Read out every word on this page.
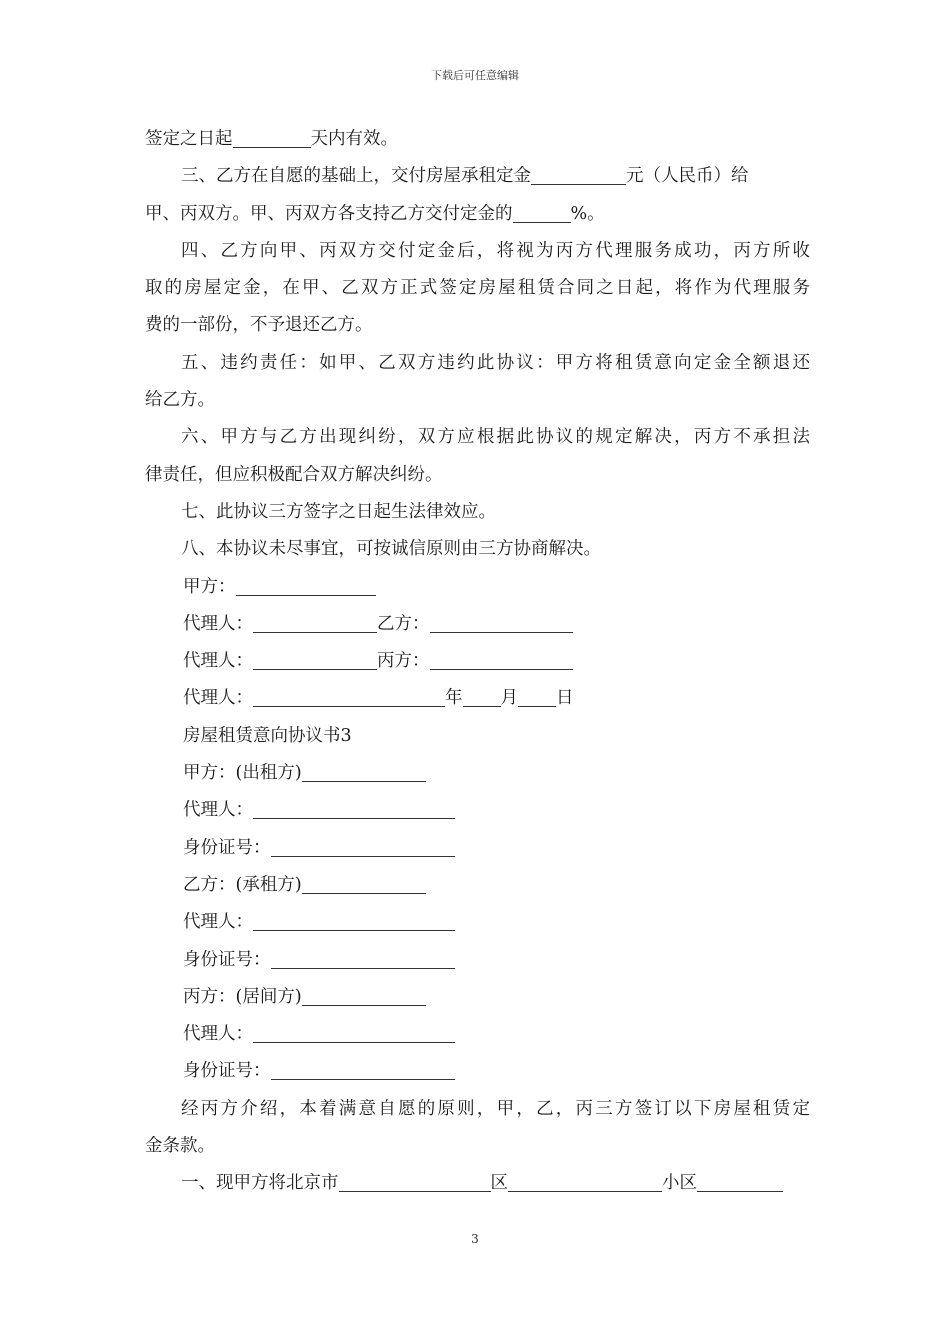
下载后可任意编辑
签定之日起	天内有效。
三、乙方在自愿的基础上，交付房屋承租定金	元（人民币）给
甲、丙双方。甲、丙双方各支持乙方交付定金的	%。
四、乙方向甲、丙双方交付定金后，将视为丙方代理服务成功，丙方所收
取的房屋定金，在甲、乙双方正式签定房屋租赁合同之日起，将作为代理服务
费的一部份，不予退还乙方。
五、违约责任：如甲、乙双方违约此协议：甲方将租赁意向定金全额退还
给乙方。
六、甲方与乙方出现纠纷，双方应根据此协议的规定解决，丙方不承担法
律责任，但应积极配合双方解决纠纷。
七、此协议三方签字之日起生法律效应。
八、本协议未尽事宜，可按诚信原则由三方协商解决。
甲方：
代理人：	乙方：
代理人：	丙方：
代理人：	年 月 日
房屋租赁意向协议书3
甲方：(出租方)
代理人：
身份证号：
乙方：(承租方)
代理人：
身份证号：
丙方：(居间方)
代理人：
身份证号：
经丙方介绍，本着满意自愿的原则，甲，乙，丙三方签订以下房屋租赁定
金条款。
一、现甲方将北京市	区	小区
3
